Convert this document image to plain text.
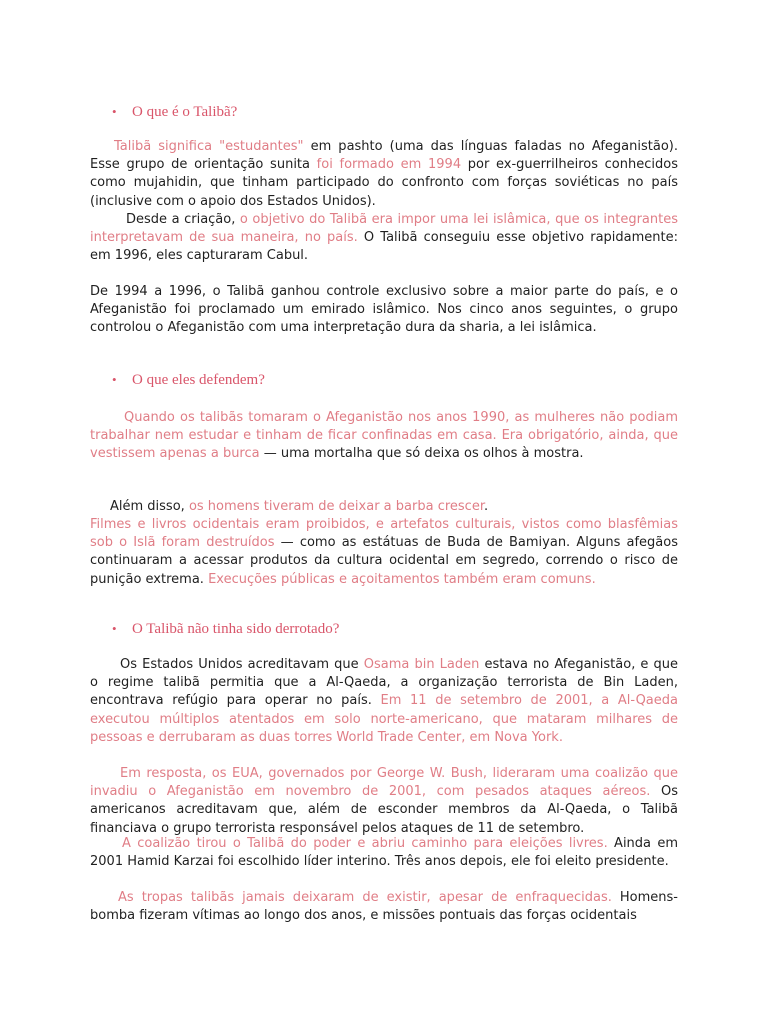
• O que é o Talibã?
Talibã significa "estudantes" em pashto (uma das línguas faladas no Afeganistão). Esse grupo de orientação sunita foi formado em 1994 por ex-guerrilheiros conhecidos como mujahidin, que tinham participado do confronto com forças soviéticas no país (inclusive com o apoio dos Estados Unidos).
Desde a criação, o objetivo do Talibã era impor uma lei islâmica, que os integrantes interpretavam de sua maneira, no país. O Talibã conseguiu esse objetivo rapidamente: em 1996, eles capturaram Cabul.
De 1994 a 1996, o Talibã ganhou controle exclusivo sobre a maior parte do país, e o Afeganistão foi proclamado um emirado islâmico. Nos cinco anos seguintes, o grupo controlou o Afeganistão com uma interpretação dura da sharia, a lei islâmica.
• O que eles defendem?
Quando os talibãs tomaram o Afeganistão nos anos 1990, as mulheres não podiam trabalhar nem estudar e tinham de ficar confinadas em casa. Era obrigatório, ainda, que vestissem apenas a burca — uma mortalha que só deixa os olhos à mostra.
Além disso, os homens tiveram de deixar a barba crescer.
Filmes e livros ocidentais eram proibidos, e artefatos culturais, vistos como blasfêmias sob o Islã foram destruídos — como as estátuas de Buda de Bamiyan. Alguns afegãos continuaram a acessar produtos da cultura ocidental em segredo, correndo o risco de punição extrema. Execuções públicas e açoitamentos também eram comuns.
• O Talibã não tinha sido derrotado?
Os Estados Unidos acreditavam que Osama bin Laden estava no Afeganistão, e que o regime talibã permitia que a Al-Qaeda, a organização terrorista de Bin Laden, encontrava refúgio para operar no país. Em 11 de setembro de 2001, a Al-Qaeda executou múltiplos atentados em solo norte-americano, que mataram milhares de pessoas e derrubaram as duas torres World Trade Center, em Nova York.
Em resposta, os EUA, governados por George W. Bush, lideraram uma coalizão que invadiu o Afeganistão em novembro de 2001, com pesados ataques aéreos. Os americanos acreditavam que, além de esconder membros da Al-Qaeda, o Talibã financiava o grupo terrorista responsável pelos ataques de 11 de setembro.
A coalizão tirou o Talibã do poder e abriu caminho para eleições livres. Ainda em 2001 Hamid Karzai foi escolhido líder interino. Três anos depois, ele foi eleito presidente.
As tropas talibãs jamais deixaram de existir, apesar de enfraquecidas. Homens-bomba fizeram vítimas ao longo dos anos, e missões pontuais das forças ocidentais
